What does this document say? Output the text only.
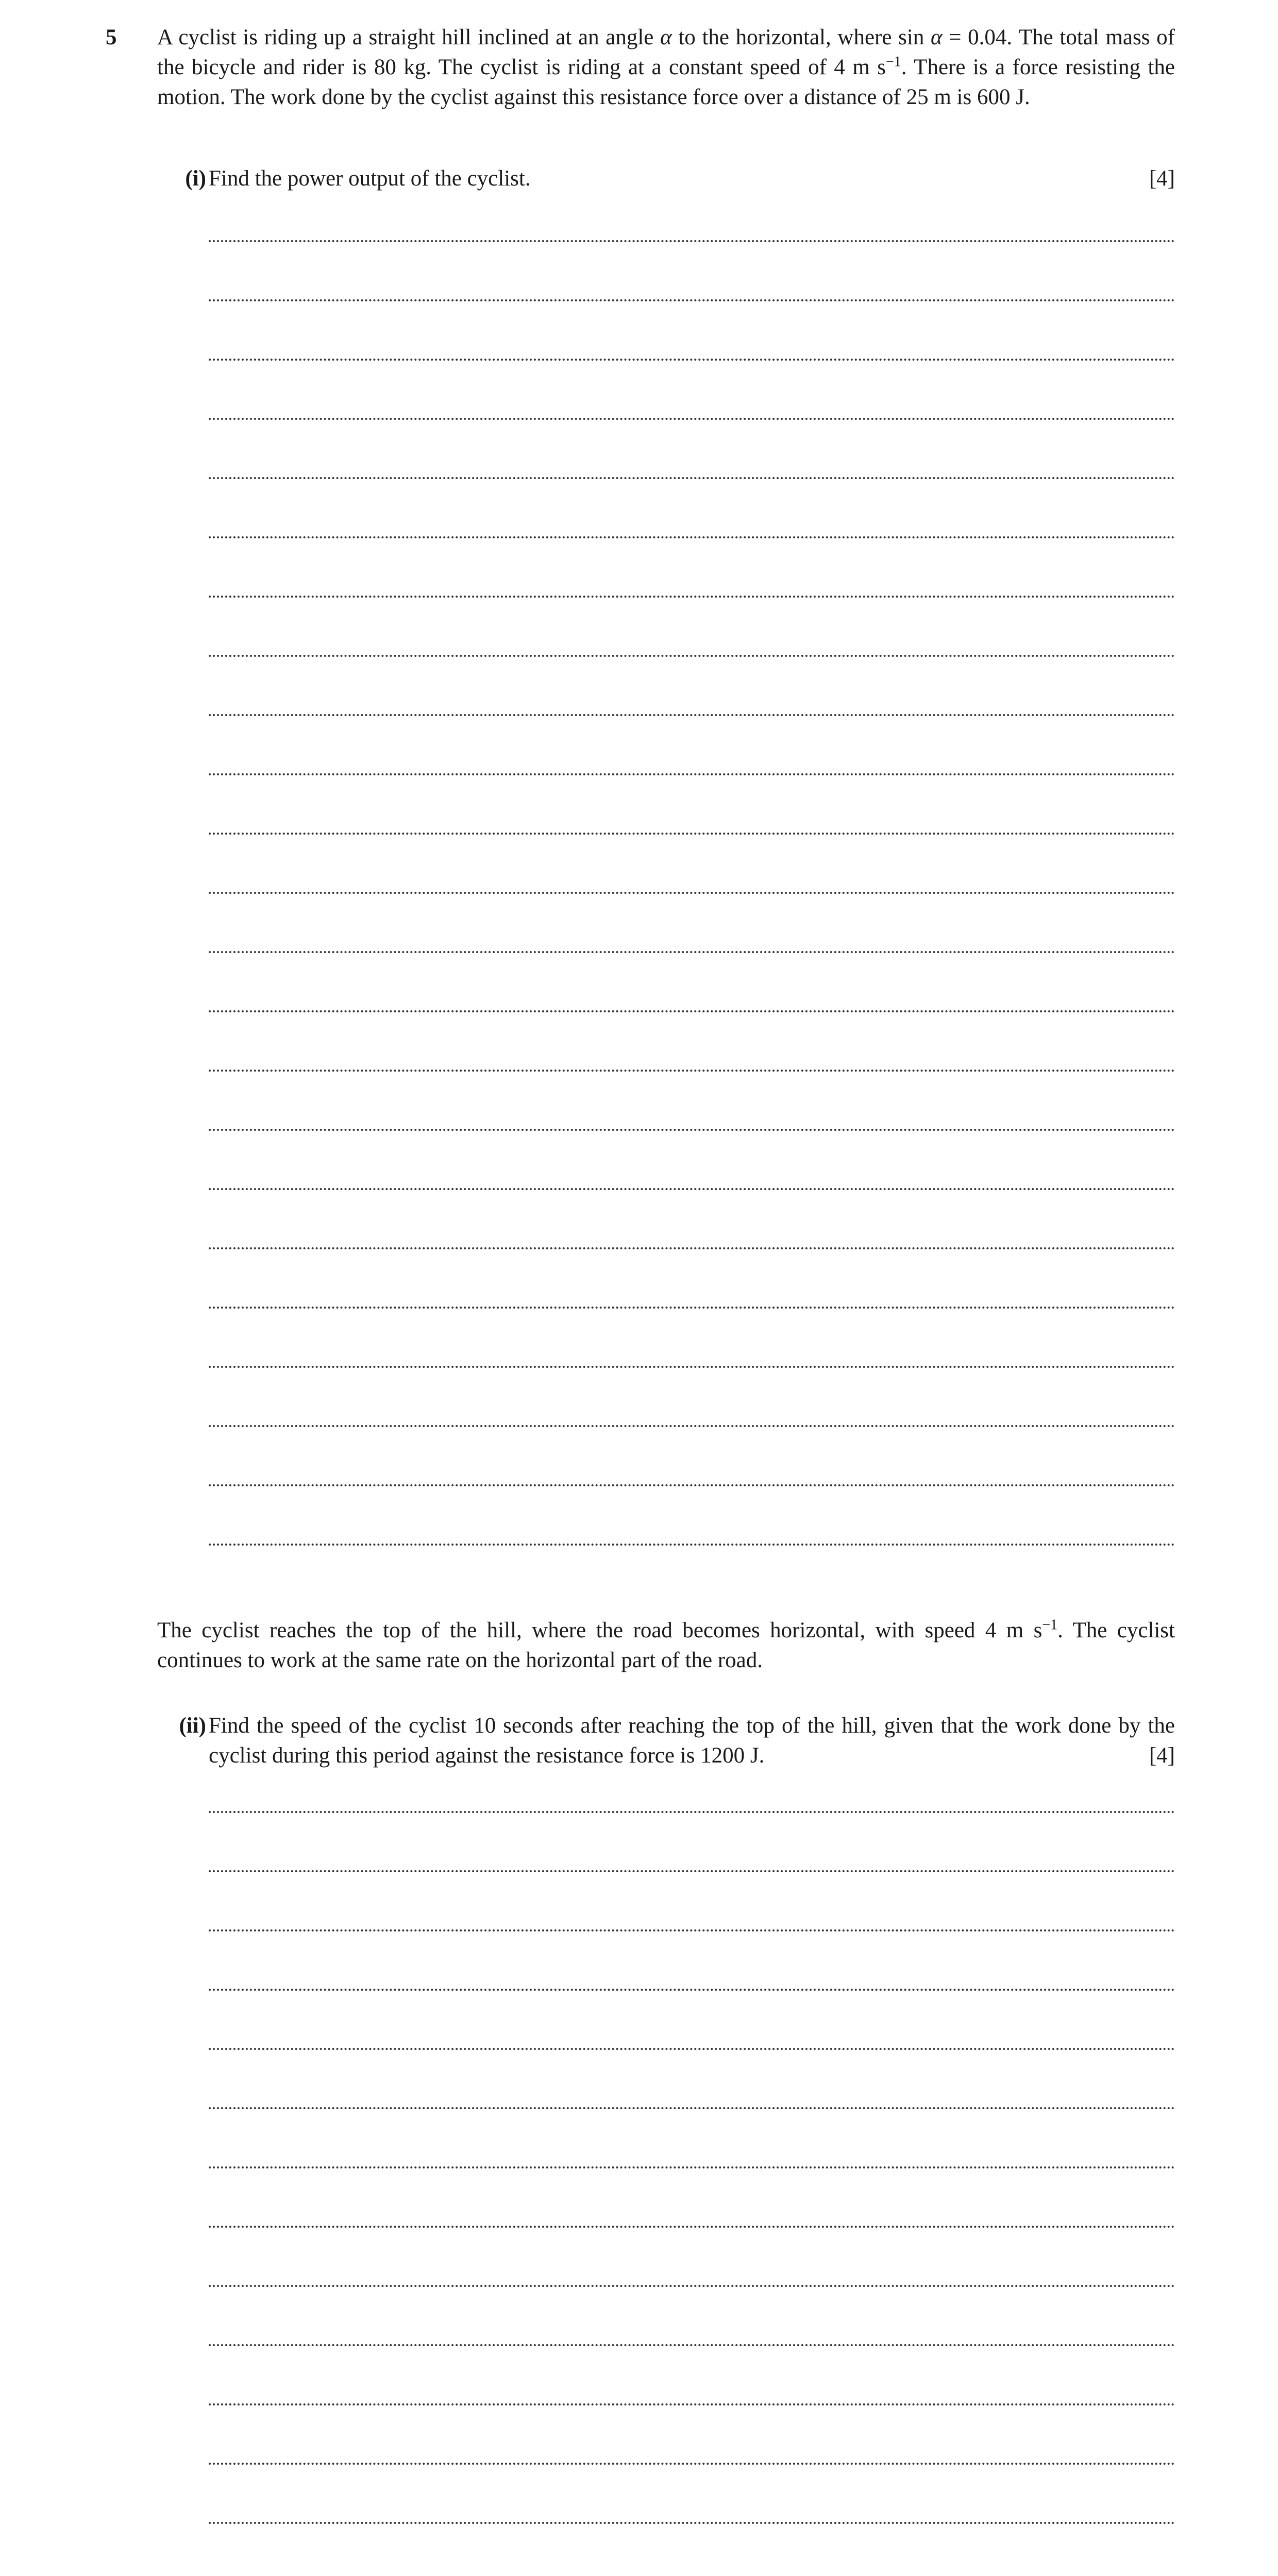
5 A cyclist is riding up a straight hill inclined at an angle α to the horizontal, where sin α = 0.04. The total mass of the bicycle and rider is 80 kg. The cyclist is riding at a constant speed of 4 m $s^{-1}$. There is a force resisting the motion. The work done by the cyclist against this resistance force over a distance of 25 m is 600 J.
(i) Find the power output of the cyclist.	[4]
The cyclist reaches the top of the hill, where the road becomes horizontal, with speed 4 m $s^{-1}$. The cyclist continues to work at the same rate on the horizontal part of the road.
(ii) Find the speed of the cyclist 10 seconds after reaching the top of the hill, given that the work done by the cyclist during this period against the resistance force is 1200 J.	[4]
